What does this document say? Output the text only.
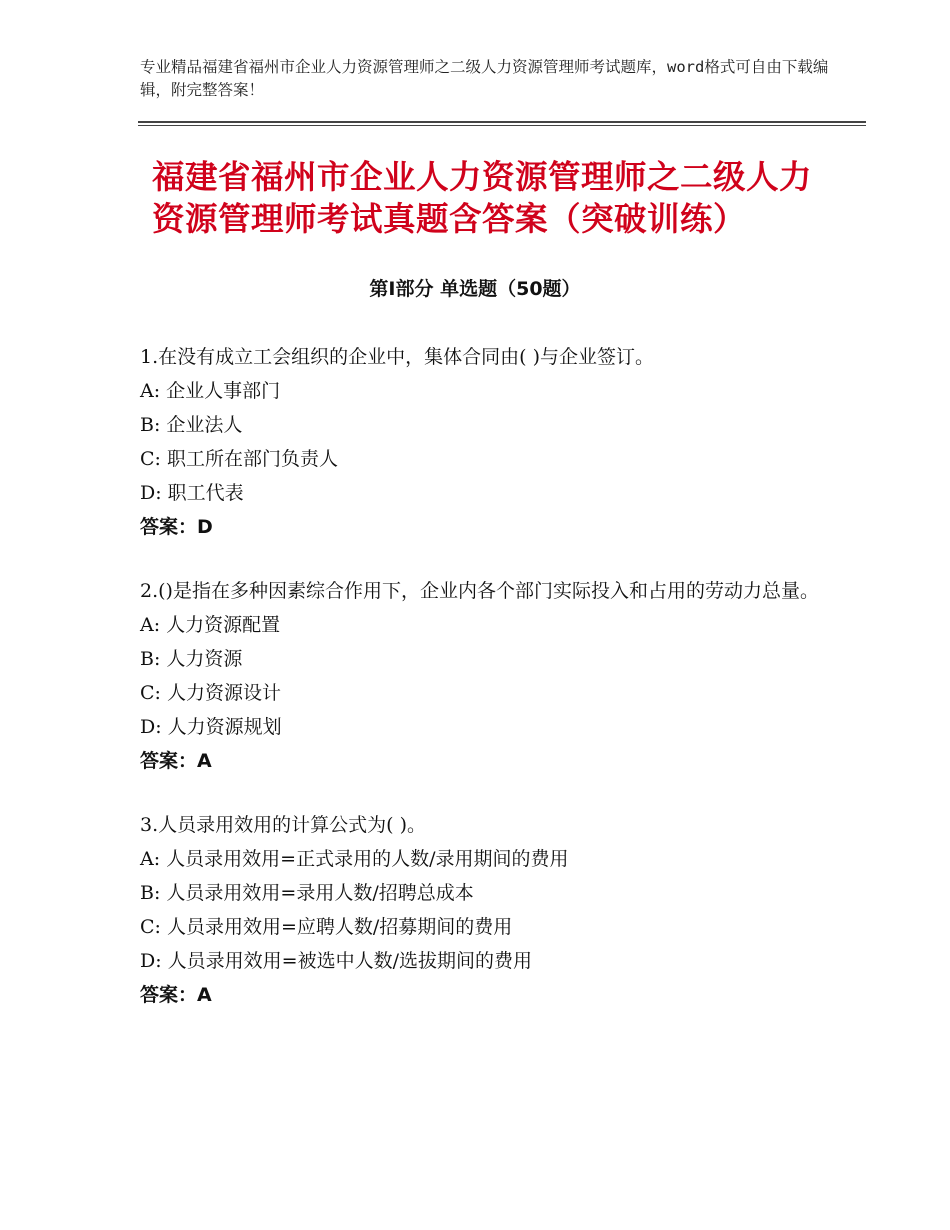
专业精品福建省福州市企业人力资源管理师之二级人力资源管理师考试题库，word格式可自由下载编辑，附完整答案！
福建省福州市企业人力资源管理师之二级人力资源管理师考试真题含答案（突破训练）
第Ⅰ部分 单选题（50题）

1.在没有成立工会组织的企业中，集体合同由( )与企业签订。

A: 企业人事部门

B: 企业法人

C: 职工所在部门负责人

D: 职工代表

答案：D

2.()是指在多种因素综合作用下，企业内各个部门实际投入和占用的劳动力总量。

A: 人力资源配置

B: 人力资源

C: 人力资源设计

D: 人力资源规划

答案：A

3.人员录用效用的计算公式为( )。

A: 人员录用效用=正式录用的人数/录用期间的费用

B: 人员录用效用=录用人数/招聘总成本

C: 人员录用效用=应聘人数/招募期间的费用

D: 人员录用效用=被选中人数/选拔期间的费用

答案：A
